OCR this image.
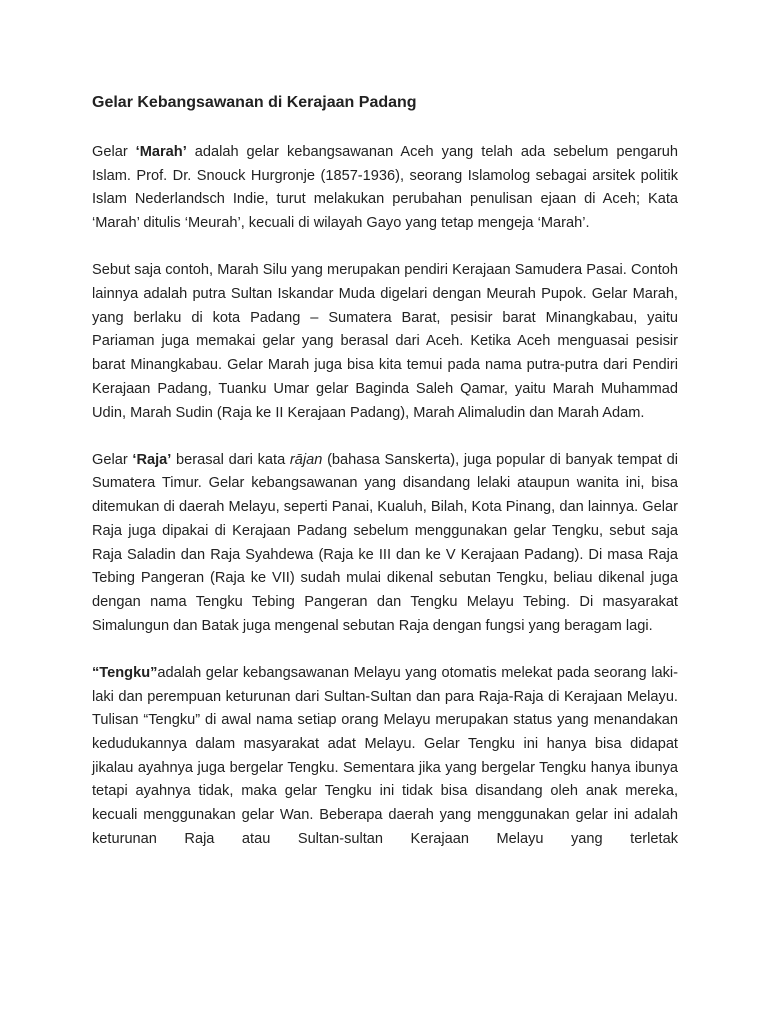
Gelar Kebangsawanan di Kerajaan Padang

Gelar ‘Marah’ adalah gelar kebangsawanan Aceh yang telah ada sebelum pengaruh Islam. Prof. Dr. Snouck Hurgronje (1857-1936), seorang Islamolog sebagai arsitek politik Islam Nederlandsch Indie, turut melakukan perubahan penulisan ejaan di Aceh; Kata ‘Marah’ ditulis ‘Meurah’, kecuali di wilayah Gayo yang tetap mengeja ‘Marah’.

Sebut saja contoh, Marah Silu yang merupakan pendiri Kerajaan Samudera Pasai. Contoh lainnya adalah putra Sultan Iskandar Muda digelari dengan Meurah Pupok. Gelar Marah, yang berlaku di kota Padang – Sumatera Barat, pesisir barat Minangkabau, yaitu Pariaman juga memakai gelar yang berasal dari Aceh. Ketika Aceh menguasai pesisir barat Minangkabau. Gelar Marah juga bisa kita temui pada nama putra-putra dari Pendiri Kerajaan Padang, Tuanku Umar gelar Baginda Saleh Qamar, yaitu Marah Muhammad Udin, Marah Sudin (Raja ke II Kerajaan Padang), Marah Alimaludin dan Marah Adam.

Gelar ‘Raja’ berasal dari kata rājan (bahasa Sanskerta), juga popular di banyak tempat di Sumatera Timur. Gelar kebangsawanan yang disandang lelaki ataupun wanita ini, bisa ditemukan di daerah Melayu, seperti Panai, Kualuh, Bilah, Kota Pinang, dan lainnya. Gelar Raja juga dipakai di Kerajaan Padang sebelum menggunakan gelar Tengku, sebut saja Raja Saladin dan Raja Syahdewa (Raja ke III dan ke V Kerajaan Padang). Di masa Raja Tebing Pangeran (Raja ke VII) sudah mulai dikenal sebutan Tengku, beliau dikenal juga dengan nama Tengku Tebing Pangeran dan Tengku Melayu Tebing. Di masyarakat Simalungun dan Batak juga mengenal sebutan Raja dengan fungsi yang beragam lagi.

“Tengku”adalah gelar kebangsawanan Melayu yang otomatis melekat pada seorang laki-laki dan perempuan keturunan dari Sultan-Sultan dan para Raja-Raja di Kerajaan Melayu. Tulisan “Tengku” di awal nama setiap orang Melayu merupakan status yang menandakan kedudukannya dalam masyarakat adat Melayu. Gelar Tengku ini hanya bisa didapat jikalau ayahnya juga bergelar Tengku. Sementara jika yang bergelar Tengku hanya ibunya tetapi ayahnya tidak, maka gelar Tengku ini tidak bisa disandang oleh anak mereka, kecuali menggunakan gelar Wan. Beberapa daerah yang menggunakan gelar ini adalah keturunan Raja atau Sultan-sultan Kerajaan Melayu yang terletak
